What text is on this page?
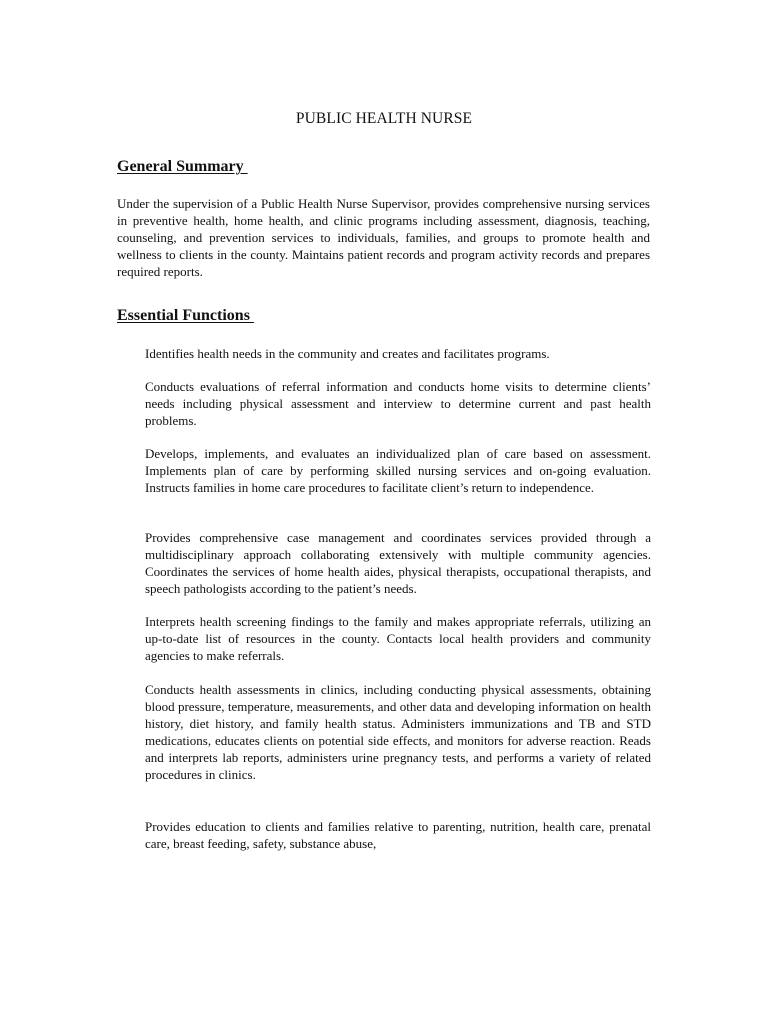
PUBLIC HEALTH NURSE
General Summary

Under the supervision of a Public Health Nurse Supervisor, provides comprehensive nursing services in preventive health, home health, and clinic programs including assessment, diagnosis, teaching, counseling, and prevention services to individuals, families, and groups to promote health and wellness to clients in the county. Maintains patient records and program activity records and prepares required reports.

Essential Functions

Identifies health needs in the community and creates and facilitates programs.

Conducts evaluations of referral information and conducts home visits to determine clients’ needs including physical assessment and interview to determine current and past health problems.

Develops, implements, and evaluates an individualized plan of care based on assessment. Implements plan of care by performing skilled nursing services and on-going evaluation. Instructs families in home care procedures to facilitate client’s return to independence.

Provides comprehensive case management and coordinates services provided through a multidisciplinary approach collaborating extensively with multiple community agencies. Coordinates the services of home health aides, physical therapists, occupational therapists, and speech pathologists according to the patient’s needs.

Interprets health screening findings to the family and makes appropriate referrals, utilizing an up-to-date list of resources in the county. Contacts local health providers and community agencies to make referrals.

Conducts health assessments in clinics, including conducting physical assessments, obtaining blood pressure, temperature, measurements, and other data and developing information on health history, diet history, and family health status. Administers immunizations and TB and STD medications, educates clients on potential side effects, and monitors for adverse reaction. Reads and interprets lab reports, administers urine pregnancy tests, and performs a variety of related procedures in clinics.

Provides education to clients and families relative to parenting, nutrition, health care, prenatal care, breast feeding, safety, substance abuse,
